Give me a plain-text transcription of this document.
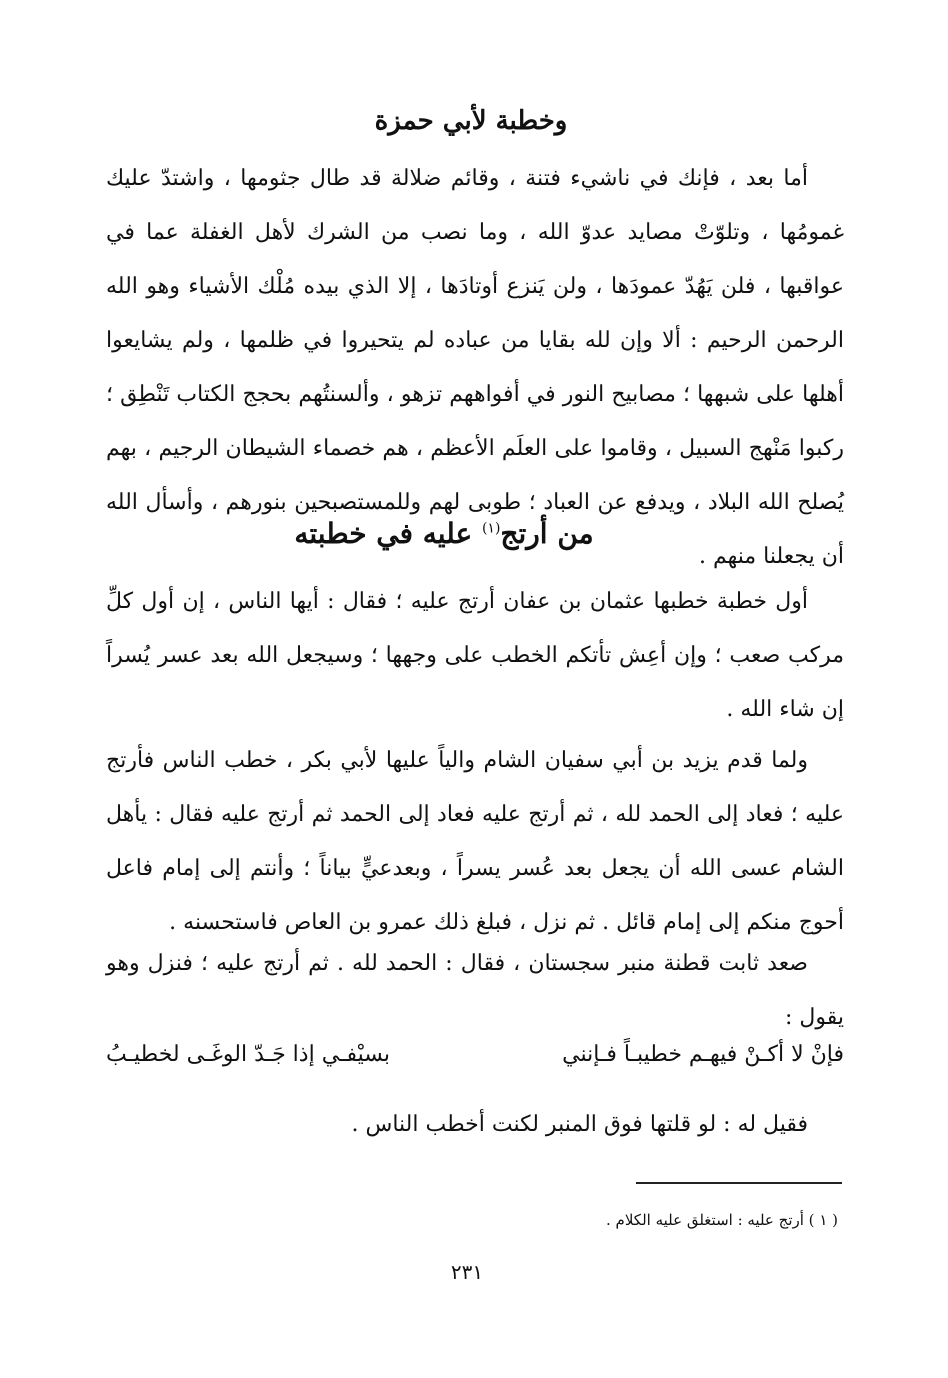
وخطبة لأبي حمزة

أما بعد ، فإنك في ناشيء فتنة ، وقائم ضلالة قد طال جثومها ، واشتدّ عليك غمومُها ، وتلوّتْ مصايد عدوّ الله ، وما نصب من الشرك لأهل الغفلة عما في عواقبها ، فلن يَهُدّ عمودَها ، ولن يَنزع أوتادَها ، إلا الذي بيده مُلْك الأشياء وهو الله الرحمن الرحيم : ألا وإن لله بقايا من عباده لم يتحيروا في ظلمها ، ولم يشايعوا أهلها على شبهها ؛ مصابيح النور في أفواههم تزهو ، وألسنتُهم بحجج الكتاب تَنْطِق ؛ ركبوا مَنْهج السبيل ، وقاموا على العلَم الأعظم ، هم خصماء الشيطان الرجيم ، بهم يُصلح الله البلاد ، ويدفع عن العباد ؛ طوبى لهم وللمستصبحين بنورهم ، وأسأل الله أن يجعلنا منهم .

من أرتج$^{(١)}$ عليه في خطبته

أول خطبة خطبها عثمان بن عفان أرتج عليه ؛ فقال : أيها الناس ، إن أول كلِّ مركب صعب ؛ وإن أعِش تأتكم الخطب على وجهها ؛ وسيجعل الله بعد عسر يُسراً إن شاء الله .

ولما قدم يزيد بن أبي سفيان الشام والياً عليها لأبي بكر ، خطب الناس فأرتج عليه ؛ فعاد إلى الحمد لله ، ثم أرتج عليه فعاد إلى الحمد ثم أرتج عليه فقال : يأهل الشام عسى الله أن يجعل بعد عُسر يسراً ، وبعدعيٍّ بياناً ؛ وأنتم إلى إمام فاعل أحوج منكم إلى إمام قائل . ثم نزل ، فبلغ ذلك عمرو بن العاص فاستحسنه .

صعد ثابت قطنة منبر سجستان ، فقال : الحمد لله . ثم أرتج عليه ؛ فنزل وهو يقول :

فإنْ لا أكـنْ فيهـم خطيبـاً فـإنني
بسيْفـي إذا جَـدّ الوغَـى لخطيـبُ

فقيل له : لو قلتها فوق المنبر لكنت أخطب الناس .

( ١ ) أرتج عليه : استغلق عليه الكلام .

٢٣١
